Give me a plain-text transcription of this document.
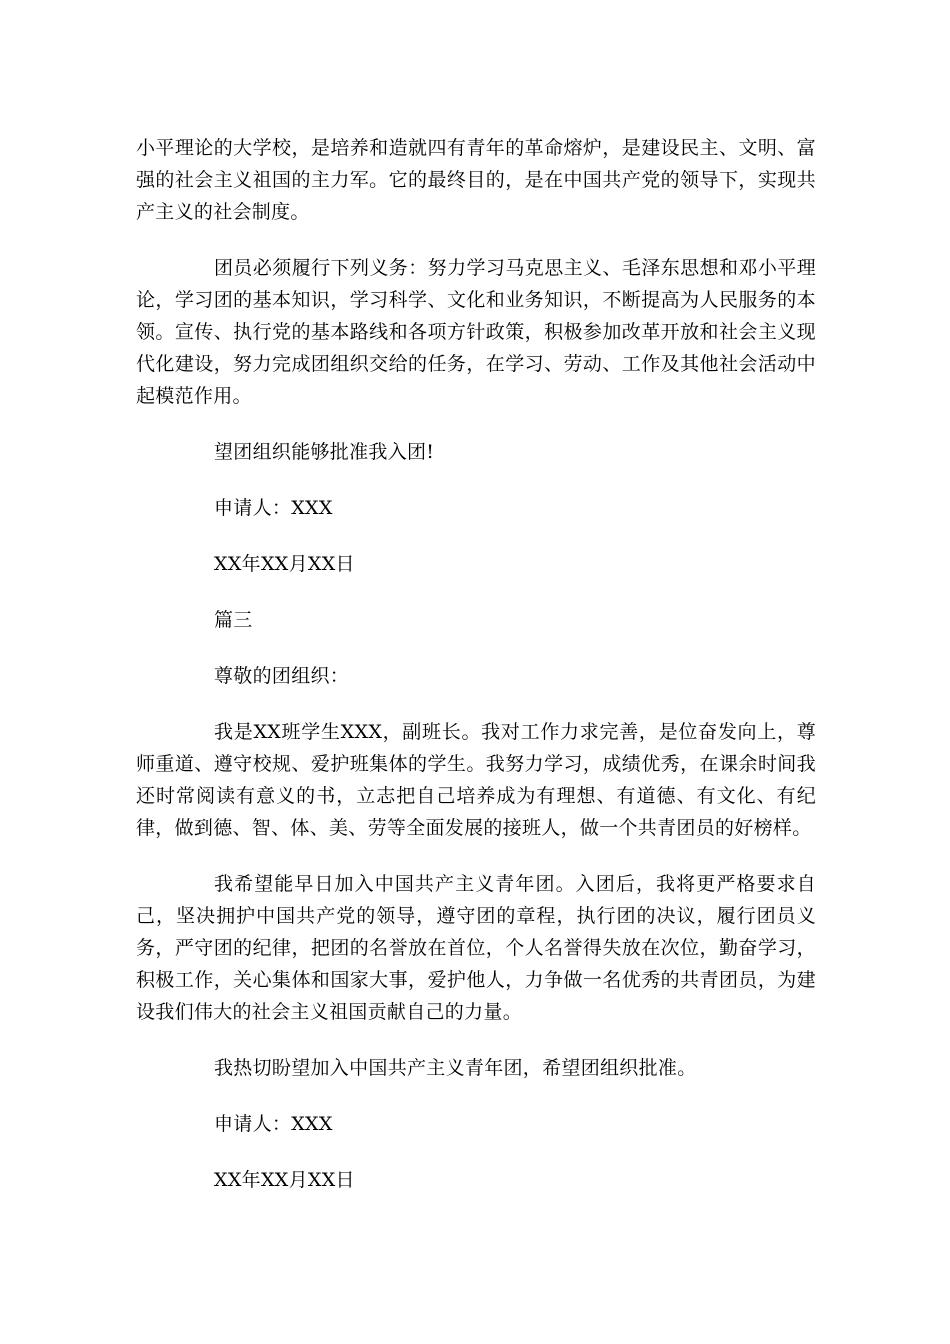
小平理论的大学校，是培养和造就四有青年的革命熔炉，是建设民主、文明、富强的社会主义祖国的主力军。它的最终目的，是在中国共产党的领导下，实现共产主义的社会制度。

团员必须履行下列义务：努力学习马克思主义、毛泽东思想和邓小平理论，学习团的基本知识，学习科学、文化和业务知识，不断提高为人民服务的本领。宣传、执行党的基本路线和各项方针政策，积极参加改革开放和社会主义现代化建设，努力完成团组织交给的任务，在学习、劳动、工作及其他社会活动中起模范作用。

望团组织能够批准我入团!

申请人：XXX

XX年XX月XX日

篇三

尊敬的团组织：

我是XX班学生XXX，副班长。我对工作力求完善，是位奋发向上，尊师重道、遵守校规、爱护班集体的学生。我努力学习，成绩优秀，在课余时间我还时常阅读有意义的书，立志把自己培养成为有理想、有道德、有文化、有纪律，做到德、智、体、美、劳等全面发展的接班人，做一个共青团员的好榜样。

我希望能早日加入中国共产主义青年团。入团后，我将更严格要求自己，坚决拥护中国共产党的领导，遵守团的章程，执行团的决议，履行团员义务，严守团的纪律，把团的名誉放在首位，个人名誉得失放在次位，勤奋学习，积极工作，关心集体和国家大事，爱护他人，力争做一名优秀的共青团员，为建设我们伟大的社会主义祖国贡献自己的力量。

我热切盼望加入中国共产主义青年团，希望团组织批准。

申请人：XXX

XX年XX月XX日
